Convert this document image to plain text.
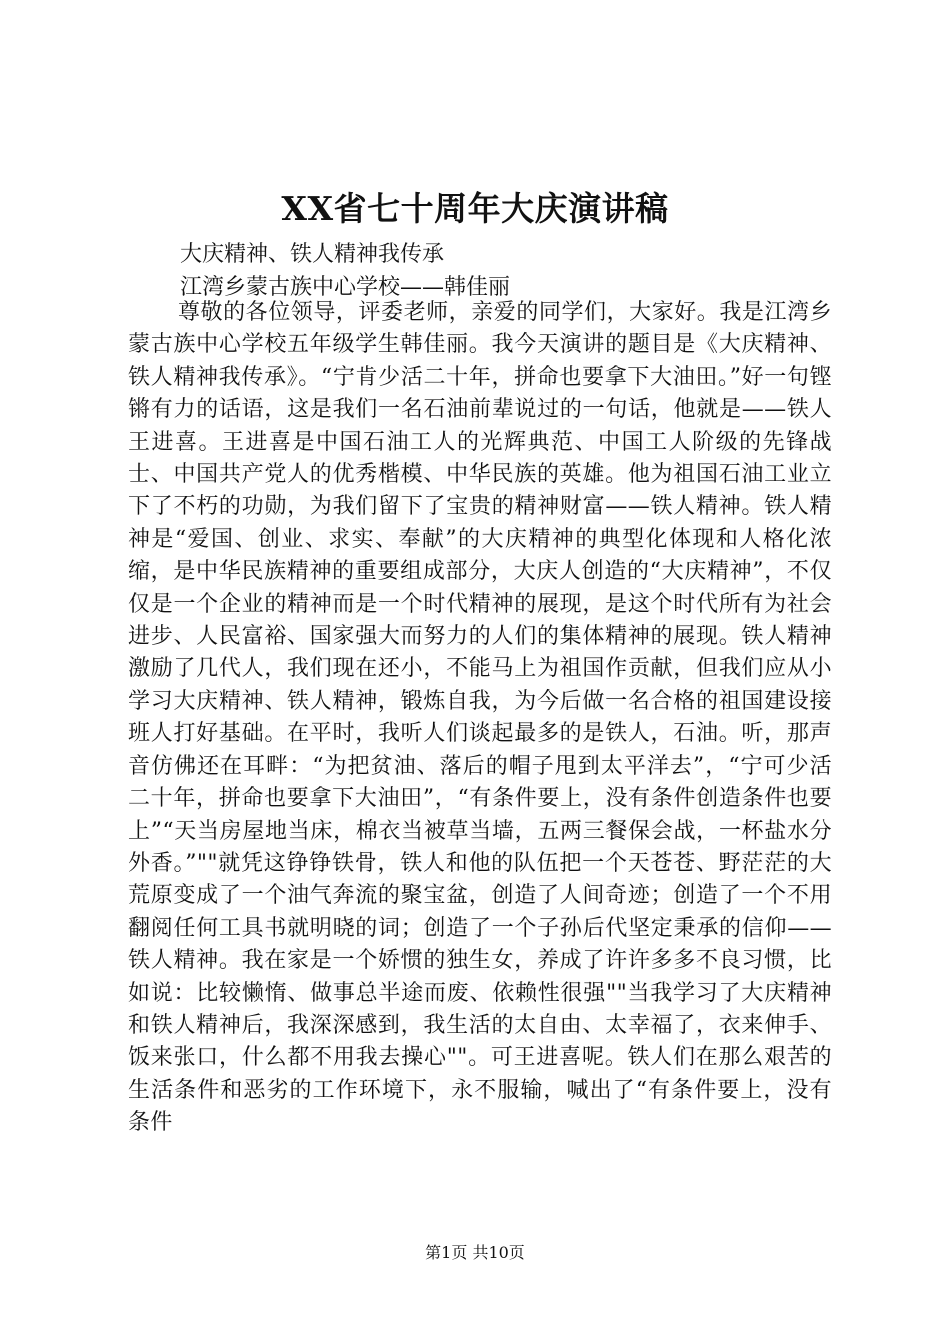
XX省七十周年大庆演讲稿
大庆精神、铁人精神我传承
江湾乡蒙古族中心学校——韩佳丽
尊敬的各位领导，评委老师，亲爱的同学们，大家好。我是江湾乡蒙古族中心学校五年级学生韩佳丽。我今天演讲的题目是《大庆精神、铁人精神我传承》。“宁肯少活二十年，拼命也要拿下大油田。”好一句铿锵有力的话语，这是我们一名石油前辈说过的一句话，他就是——铁人王进喜。王进喜是中国石油工人的光辉典范、中国工人阶级的先锋战士、中国共产党人的优秀楷模、中华民族的英雄。他为祖国石油工业立下了不朽的功勋，为我们留下了宝贵的精神财富——铁人精神。铁人精神是“爱国、创业、求实、奉献”的大庆精神的典型化体现和人格化浓缩，是中华民族精神的重要组成部分，大庆人创造的“大庆精神”，不仅仅是一个企业的精神而是一个时代精神的展现，是这个时代所有为社会进步、人民富裕、国家强大而努力的人们的集体精神的展现。铁人精神激励了几代人，我们现在还小，不能马上为祖国作贡献，但我们应从小学习大庆精神、铁人精神，锻炼自我，为今后做一名合格的祖国建设接班人打好基础。在平时，我听人们谈起最多的是铁人，石油。听，那声音仿佛还在耳畔：“为把贫油、落后的帽子甩到太平洋去”，“宁可少活二十年，拼命也要拿下大油田”，“有条件要上，没有条件创造条件也要上”“天当房屋地当床，棉衣当被草当墙，五两三餐保会战，一杯盐水分外香。”""就凭这铮铮铁骨，铁人和他的队伍把一个天苍苍、野茫茫的大荒原变成了一个油气奔流的聚宝盆，创造了人间奇迹；创造了一个不用翻阅任何工具书就明晓的词；创造了一个子孙后代坚定秉承的信仰——铁人精神。我在家是一个娇惯的独生女，养成了许许多多不良习惯，比如说：比较懒惰、做事总半途而废、依赖性很强""当我学习了大庆精神和铁人精神后，我深深感到，我生活的太自由、太幸福了，衣来伸手、饭来张口，什么都不用我去操心""。可王进喜呢。铁人们在那么艰苦的生活条件和恶劣的工作环境下，永不服输，喊出了“有条件要上，没有条件
第1页 共10页
